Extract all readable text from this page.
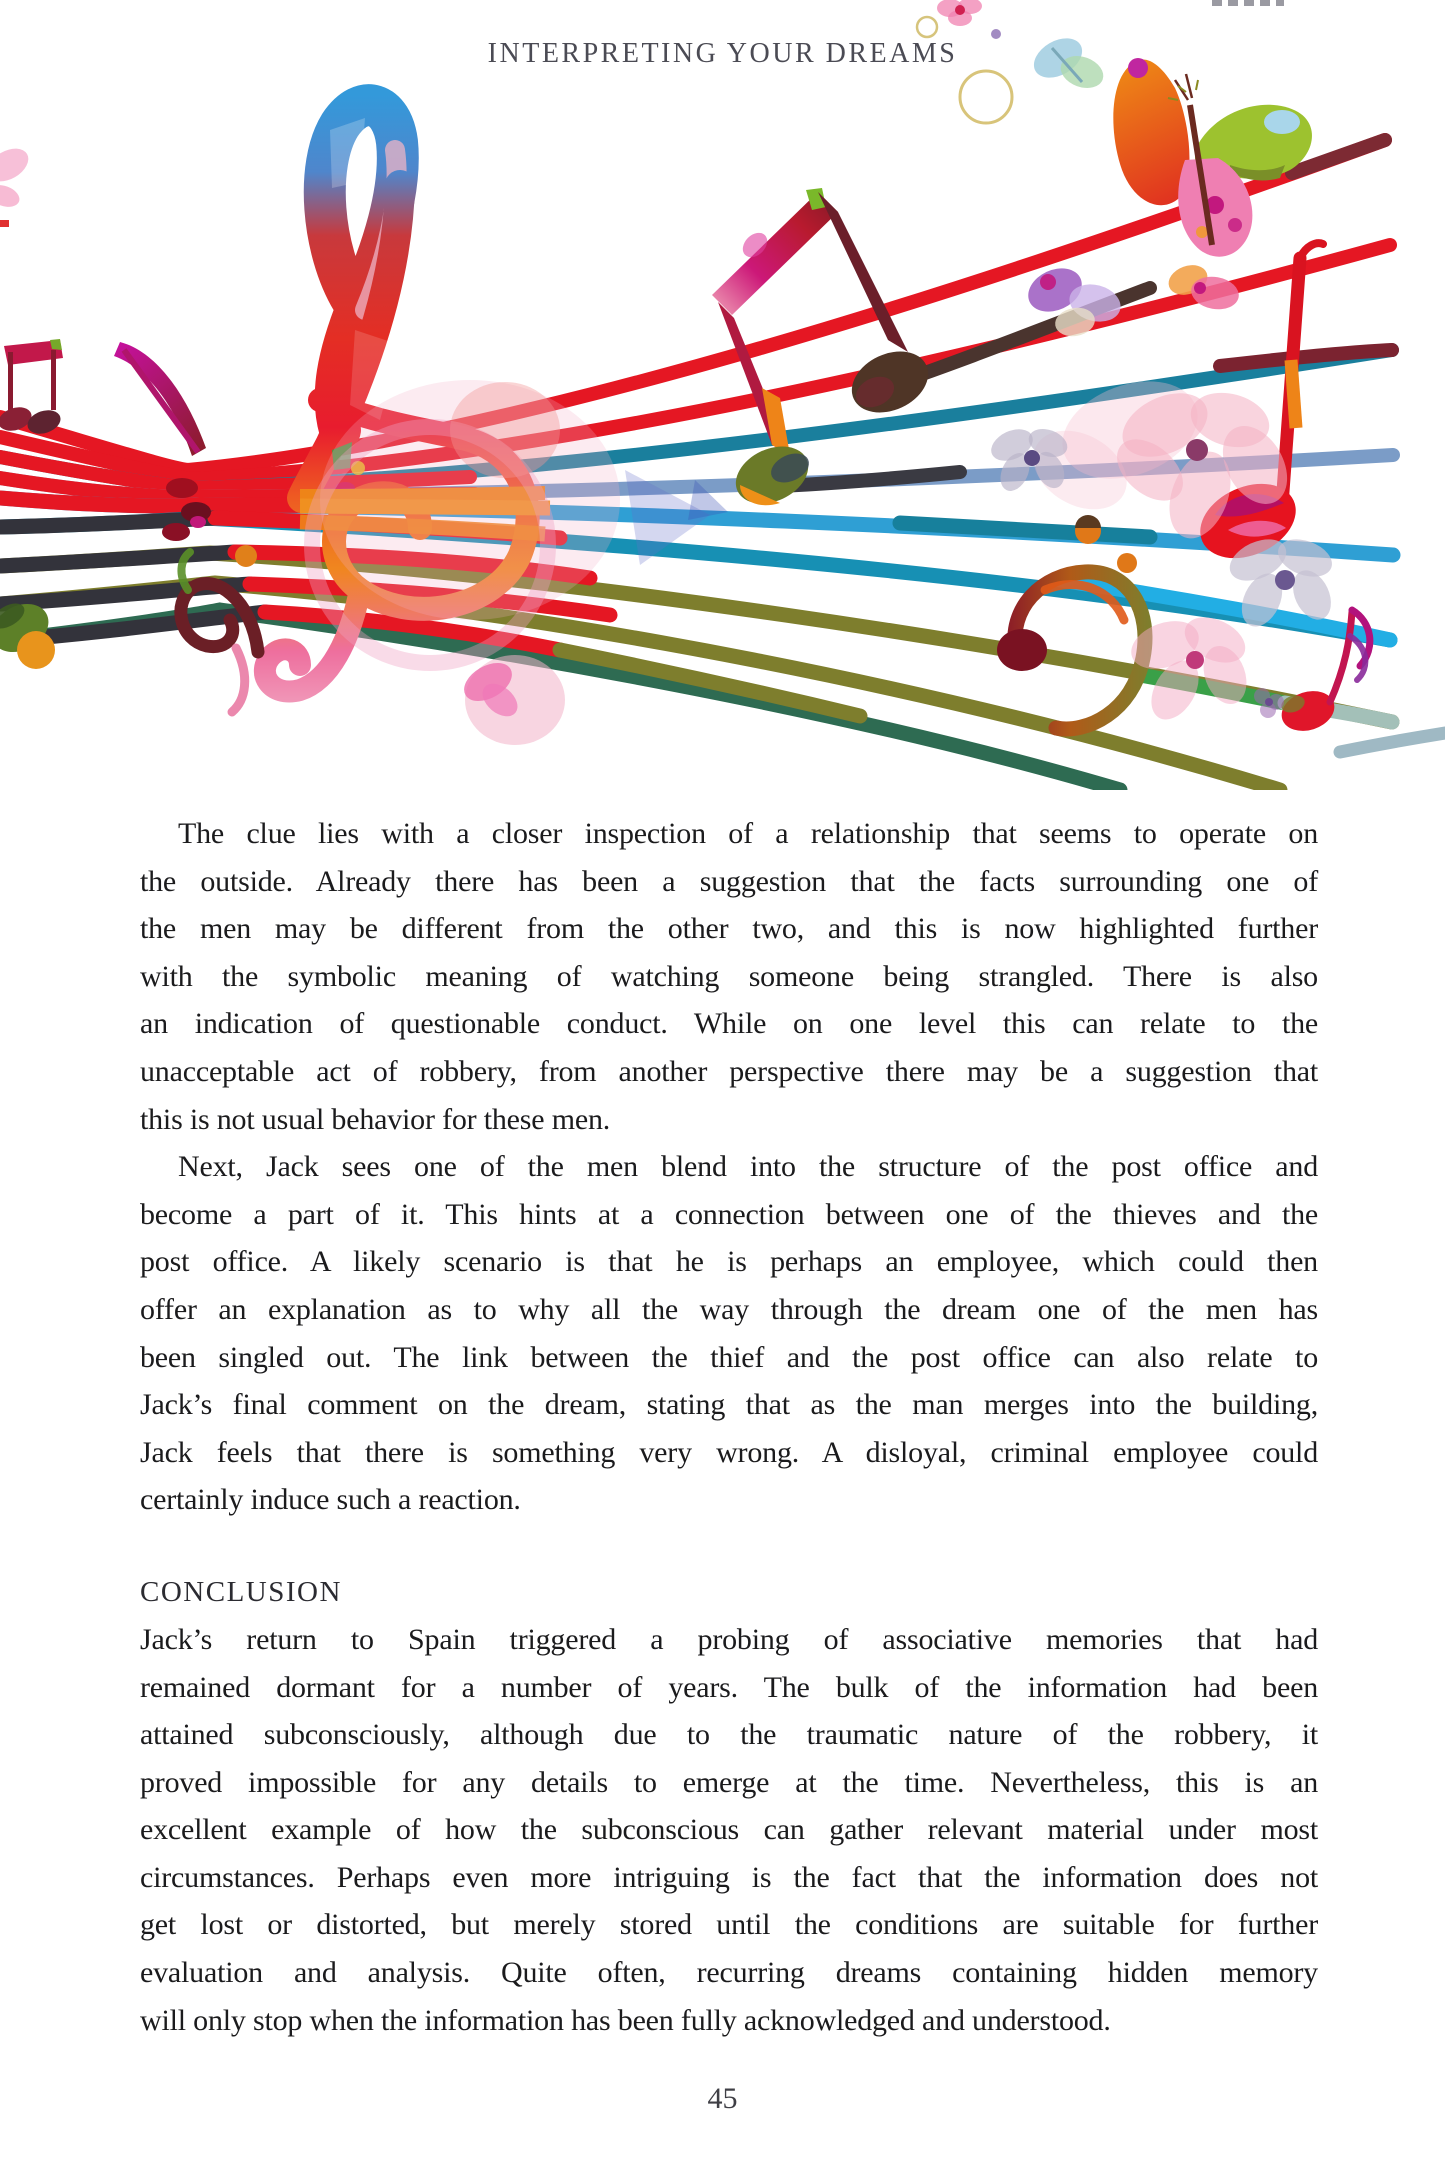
INTERPRETING YOUR DREAMS
The clue lies with a closer inspection of a relationship that seems to operate on
the outside. Already there has been a suggestion that the facts surrounding one of
the men may be different from the other two, and this is now highlighted further
with the symbolic meaning of watching someone being strangled. There is also
an indication of questionable conduct. While on one level this can relate to the
unacceptable act of robbery, from another perspective there may be a suggestion that
this is not usual behavior for these men.
Next, Jack sees one of the men blend into the structure of the post office and
become a part of it. This hints at a connection between one of the thieves and the
post office. A likely scenario is that he is perhaps an employee, which could then
offer an explanation as to why all the way through the dream one of the men has
been singled out. The link between the thief and the post office can also relate to
Jack’s final comment on the dream, stating that as the man merges into the building,
Jack feels that there is something very wrong. A disloyal, criminal employee could
certainly induce such a reaction.
CONCLUSION
Jack’s return to Spain triggered a probing of associative memories that had
remained dormant for a number of years. The bulk of the information had been
attained subconsciously, although due to the traumatic nature of the robbery, it
proved impossible for any details to emerge at the time. Nevertheless, this is an
excellent example of how the subconscious can gather relevant material under most
circumstances. Perhaps even more intriguing is the fact that the information does not
get lost or distorted, but merely stored until the conditions are suitable for further
evaluation and analysis. Quite often, recurring dreams containing hidden memory
will only stop when the information has been fully acknowledged and understood.
45
